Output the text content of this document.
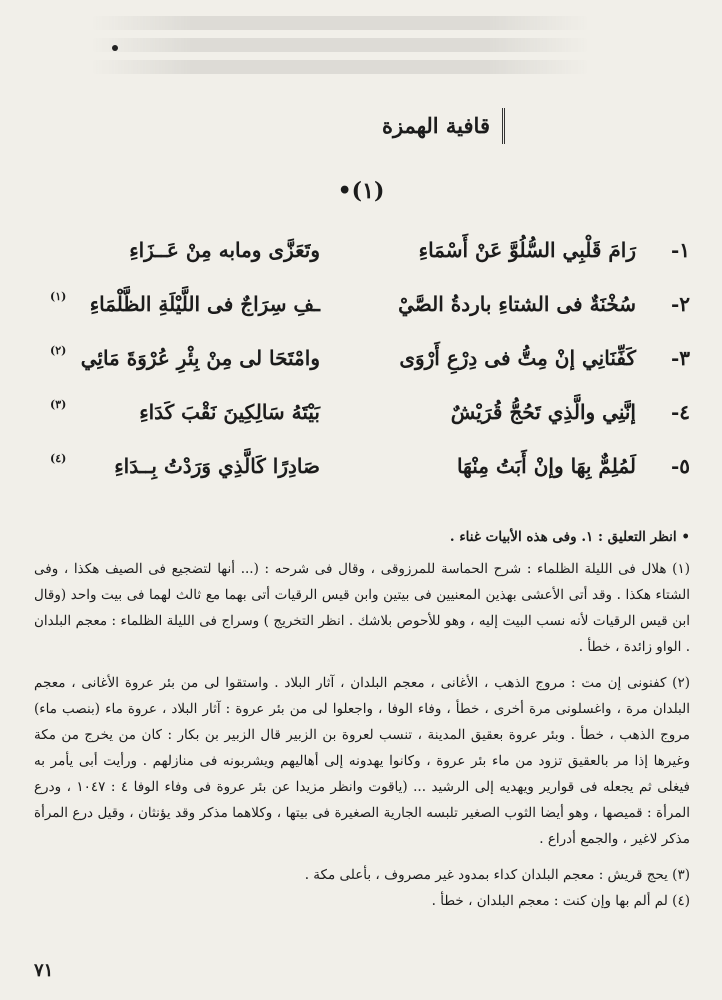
قافية الهمزة
(١)•
١-
رَامَ قَلْبِي السُّلُوَّ عَنْ أَسْمَاءِ
وتَعَزَّى ومابه مِنْ عَــزَاءِ
٢-
سُخْنَةٌ فى الشتاءِ باردةُ الصَّيْ
ـفِ سِرَاجٌ فى اللَّيْلَةِ الظَّلْمَاءِ
(١)
٣-
كَفِّنَانِي إنْ مِتُّ فى دِرْعِ أَرْوَى
وامْتَحَا لى مِنْ بِئْرِ عُرْوَةَ مَائِي
(٢)
٤-
إنَّنِي والَّذِي تَحُجُّ قُرَيْشٌ
بَيْتَهُ سَالِكِينَ نَقْبَ كَدَاءِ
(٣)
٥-
لَمُلِمٌّ بِهَا وإنْ أَبَتُ مِنْهَا
صَادِرًا كَالَّذِي وَرَدْتُ بِــدَاءِ
(٤)

• انظر التعليق : ١. وفى هذه الأبيات غناء .

(١) هلال فى الليلة الظلماء : شرح الحماسة للمرزوقى ، وقال فى شرحه : (... أنها لتضجيع فى الصيف هكذا ، وفى الشتاء هكذا . وقد أتى الأعشى بهذين المعنيين فى بيتين وابن قيس الرقيات أتى بهما مع ثالث لهما فى بيت واحد (وقال ابن قيس الرقيات لأنه نسب البيت إليه ، وهو للأحوص بلاشك . انظر التخريج ) وسراج فى الليلة الظلماء : معجم البلدان . الواو زائدة ، خطأ .

(٢) كفنونى إن مت : مروج الذهب ، الأغانى ، معجم البلدان ، آثار البلاد . واستقوا لى من بئر عروة الأغانى ، معجم البلدان مرة ، واغسلونى مرة أخرى ، خطأ ، وفاء الوفا ، واجعلوا لى من بئر عروة : آثار البلاد ، عروة ماء (بنصب ماء) مروج الذهب ، خطأ . وبئر عروة بعقيق المدينة ، تنسب لعروة بن الزبير قال الزبير بن بكار : كان من يخرج من مكة وغيرها إذا مر بالعقيق تزود من ماء بئر عروة ، وكانوا يهدونه إلى أهاليهم ويشربونه فى منازلهم . ورأيت أبى يأمر به فيغلى ثم يجعله فى قوارير ويهديه إلى الرشيد ... (ياقوت وانظر مزيدا عن بئر عروة فى وفاء الوفا ٤ : ١٠٤٧ ، ودرع المرأة : قميصها ، وهو أيضا الثوب الصغير تلبسه الجارية الصغيرة فى بيتها ، وكلاهما مذكر وقد يؤنثان ، وقيل درع المرأة مذكر لاغير ، والجمع أدراع .

(٣) يحج قريش : معجم البلدان كداء بمدود غير مصروف ، بأعلى مكة .

(٤) لم ألم بها وإن كنت : معجم البلدان ، خطأ .

٧١
